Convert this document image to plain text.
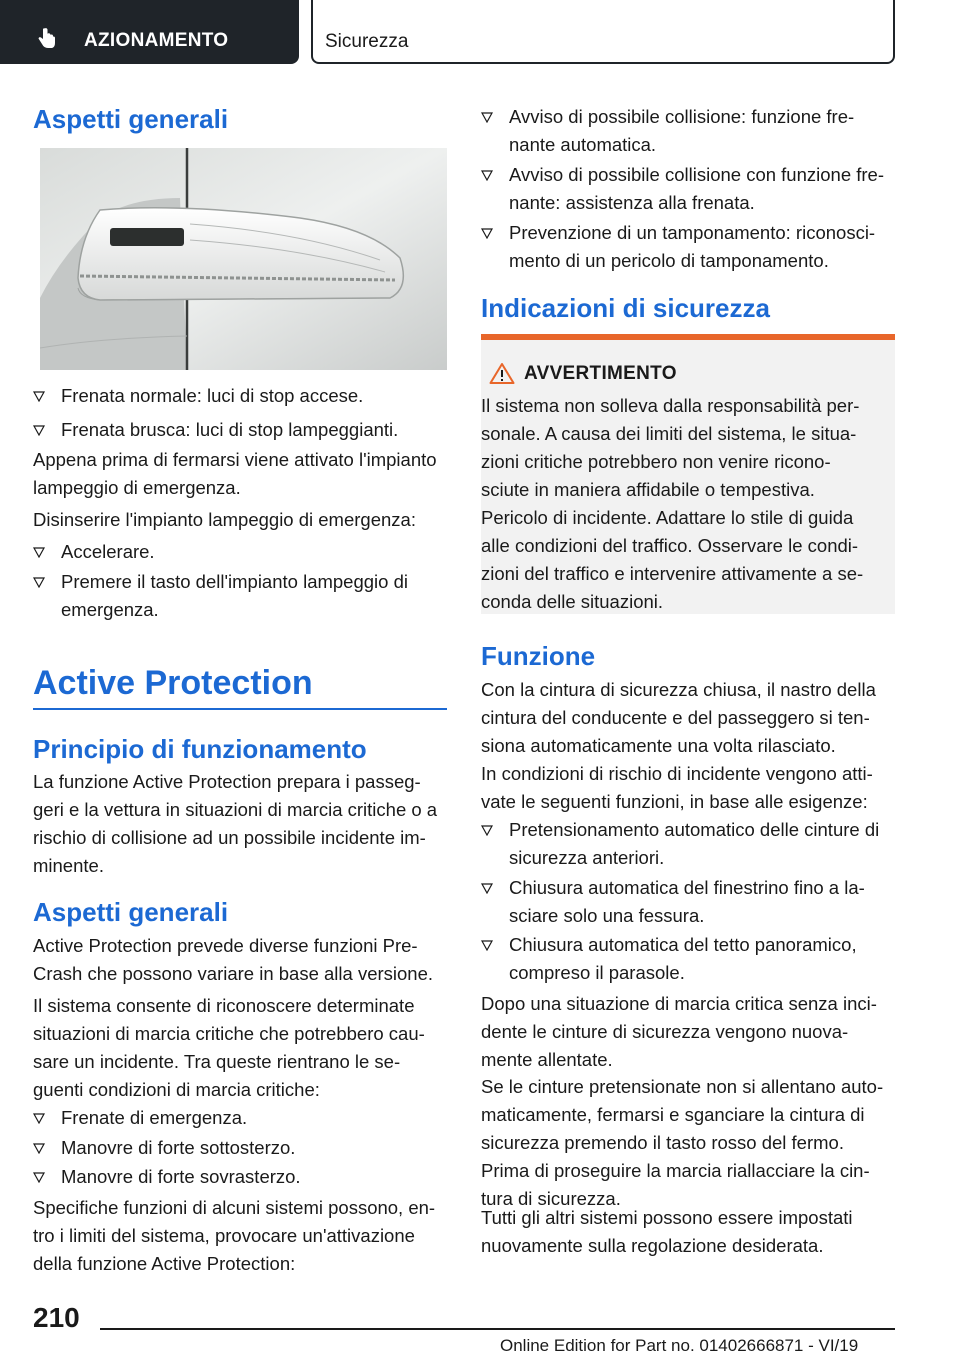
AZIONAMENTO	Sicurezza
Aspetti generali
Frenata normale: luci di stop accese.
Frenata brusca: luci di stop lampeggianti.
Appena prima di fermarsi viene attivato l'impianto
lampeggio di emergenza.
Disinserire l'impianto lampeggio di emergenza:
Accelerare.
Premere il tasto dell'impianto lampeggio di
emergenza.
Active Protection
Principio di funzionamento
La funzione Active Protection prepara i passeg-
geri e la vettura in situazioni di marcia critiche o a
rischio di collisione ad un possibile incidente im-
minente.
Aspetti generali
Active Protection prevede diverse funzioni Pre-
Crash che possono variare in base alla versione.
Il sistema consente di riconoscere determinate
situazioni di marcia critiche che potrebbero cau-
sare un incidente. Tra queste rientrano le se-
guenti condizioni di marcia critiche:
Frenate di emergenza.
Manovre di forte sottosterzo.
Manovre di forte sovrasterzo.
Specifiche funzioni di alcuni sistemi possono, en-
tro i limiti del sistema, provocare un'attivazione
della funzione Active Protection:
Avviso di possibile collisione: funzione fre-
nante automatica.
Avviso di possibile collisione con funzione fre-
nante: assistenza alla frenata.
Prevenzione di un tamponamento: riconosci-
mento di un pericolo di tamponamento.
Indicazioni di sicurezza
AVVERTIMENTO
Il sistema non solleva dalla responsabilità per-
sonale. A causa dei limiti del sistema, le situa-
zioni critiche potrebbero non venire ricono-
sciute in maniera affidabile o tempestiva.
Pericolo di incidente. Adattare lo stile di guida
alle condizioni del traffico. Osservare le condi-
zioni del traffico e intervenire attivamente a se-
conda delle situazioni.
Funzione
Con la cintura di sicurezza chiusa, il nastro della
cintura del conducente e del passeggero si ten-
siona automaticamente una volta rilasciato.
In condizioni di rischio di incidente vengono atti-
vate le seguenti funzioni, in base alle esigenze:
Pretensionamento automatico delle cinture di
sicurezza anteriori.
Chiusura automatica del finestrino fino a la-
sciare solo una fessura.
Chiusura automatica del tetto panoramico,
compreso il parasole.
Dopo una situazione di marcia critica senza inci-
dente le cinture di sicurezza vengono nuova-
mente allentate.
Se le cinture pretensionate non si allentano auto-
maticamente, fermarsi e sganciare la cintura di
sicurezza premendo il tasto rosso del fermo.
Prima di proseguire la marcia riallacciare la cin-
tura di sicurezza.
Tutti gli altri sistemi possono essere impostati
nuovamente sulla regolazione desiderata.
210
Online Edition for Part no. 01402666871 - VI/19
